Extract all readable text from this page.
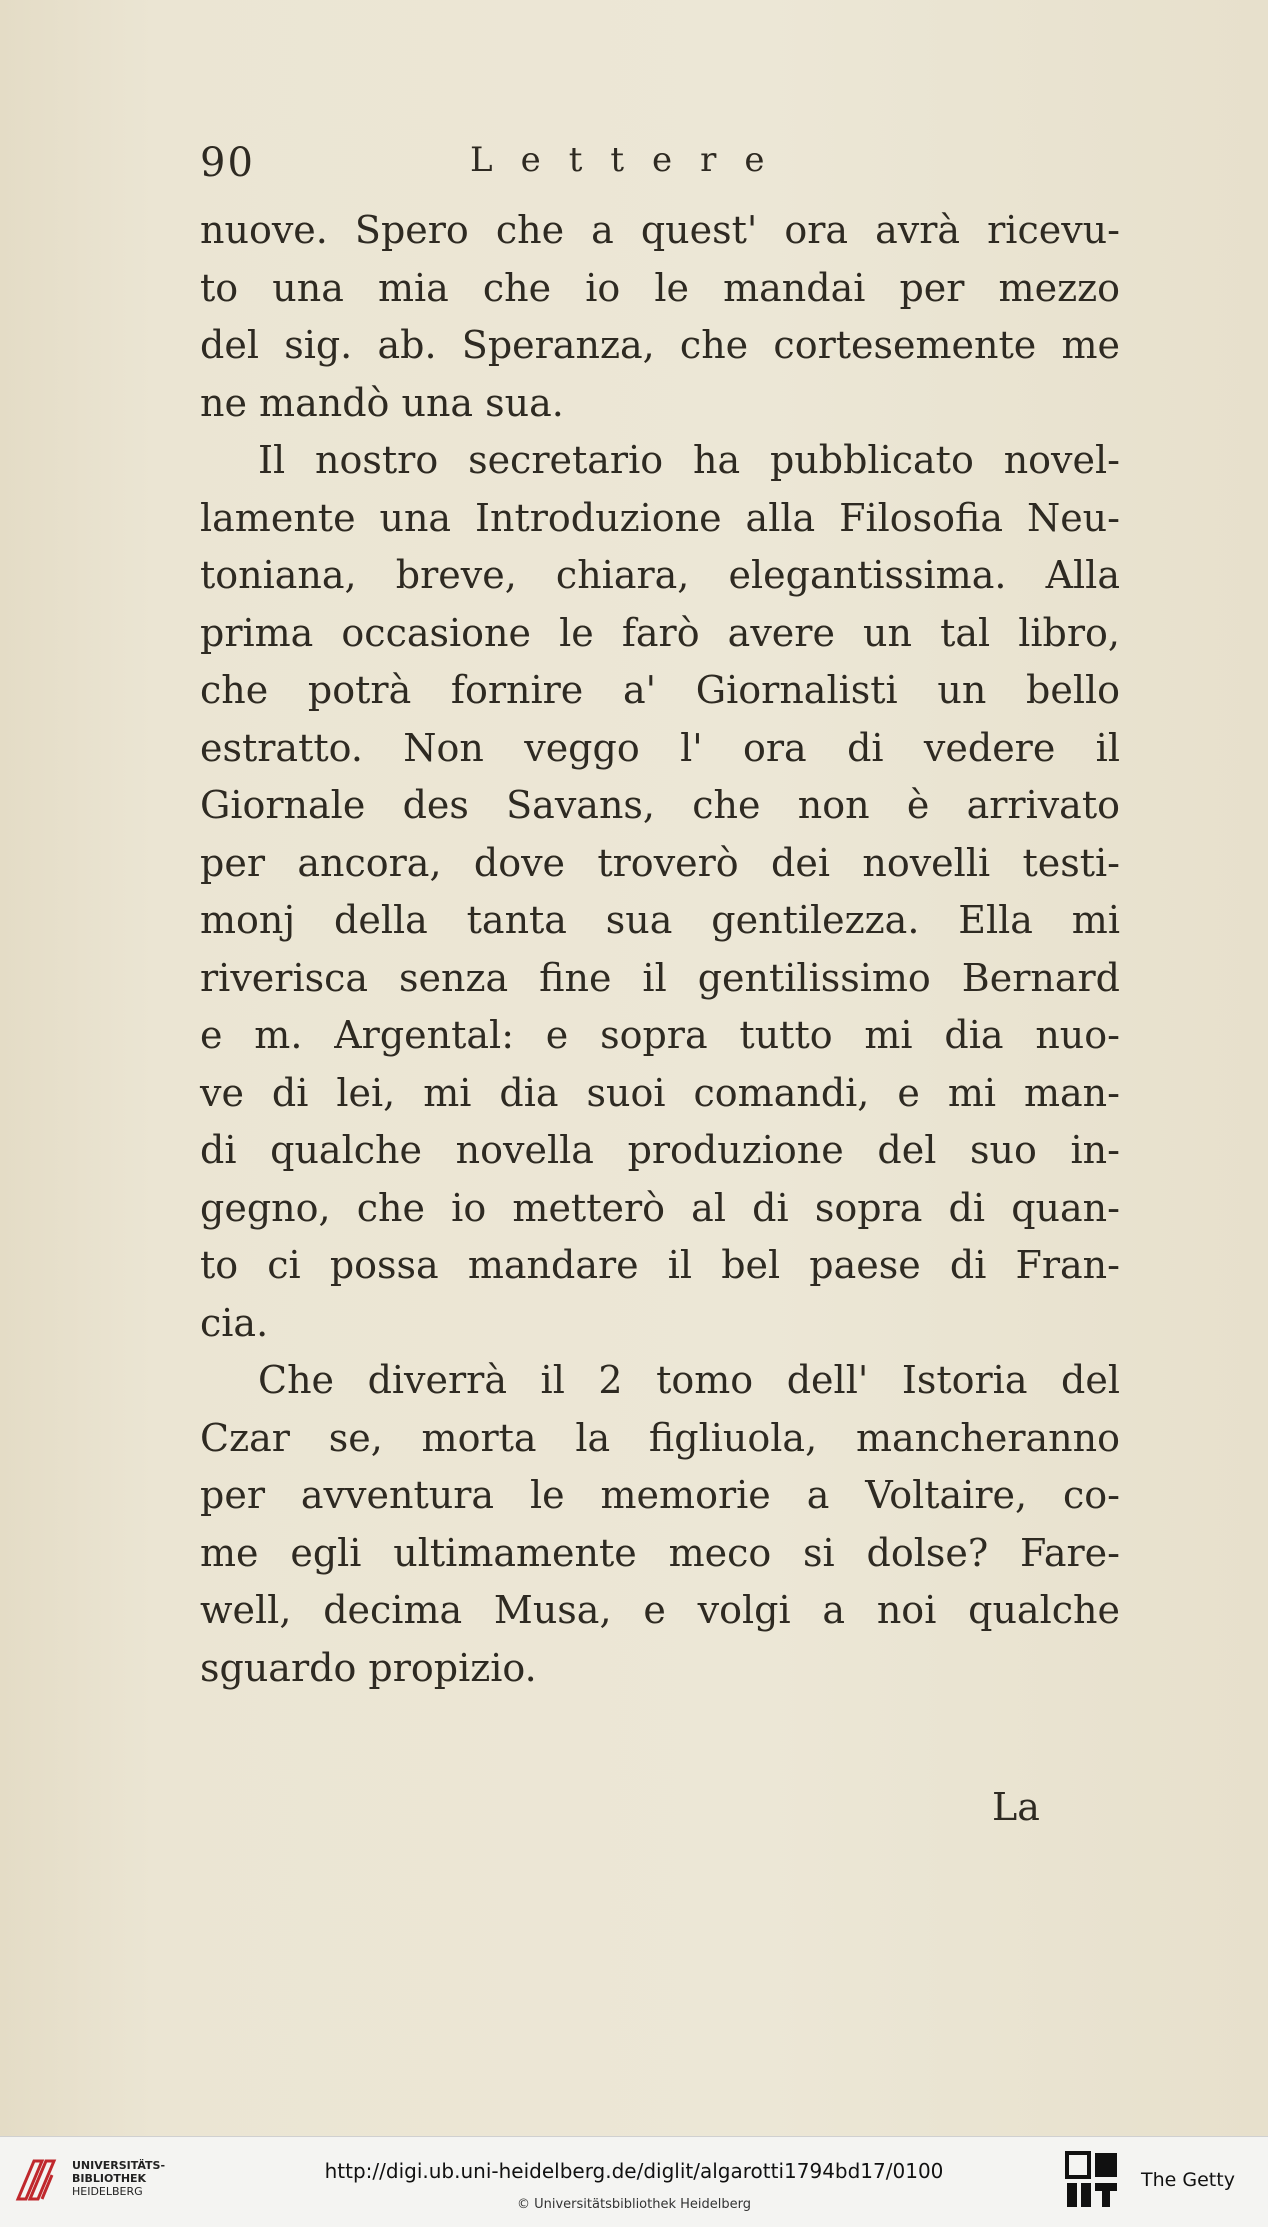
90	Lettere
nuove. Spero che a quest' ora avrà ricevu-
to una mia che io le mandai per mezzo
del sig. ab. Speranza, che cortesemente me
ne mandò una sua.
Il nostro secretario ha pubblicato novel-
lamente una Introduzione alla Filosofia Neu-
toniana, breve, chiara, elegantissima. Alla
prima occasione le farò avere un tal libro,
che potrà fornire a' Giornalisti un bello
estratto. Non veggo l' ora di vedere il
Giornale des Savans, che non è arrivato
per ancora, dove troverò dei novelli testi-
monj della tanta sua gentilezza. Ella mi
riverisca senza fine il gentilissimo Bernard
e m. Argental: e sopra tutto mi dia nuo-
ve di lei, mi dia suoi comandi, e mi man-
di qualche novella produzione del suo in-
gegno, che io metterò al di sopra di quan-
to ci possa mandare il bel paese di Fran-
cia.
Che diverrà il 2 tomo dell' Istoria del
Czar se, morta la figliuola, mancheranno
per avventura le memorie a Voltaire, co-
me egli ultimamente meco si dolse? Fare-
well, decima Musa, e volgi a noi qualche
sguardo propizio.
La
UNIVERSITÄTS-
BIBLIOTHEK
HEIDELBERG
http://digi.ub.uni-heidelberg.de/diglit/algarotti1794bd17/0100
© Universitätsbibliothek Heidelberg
The Getty
